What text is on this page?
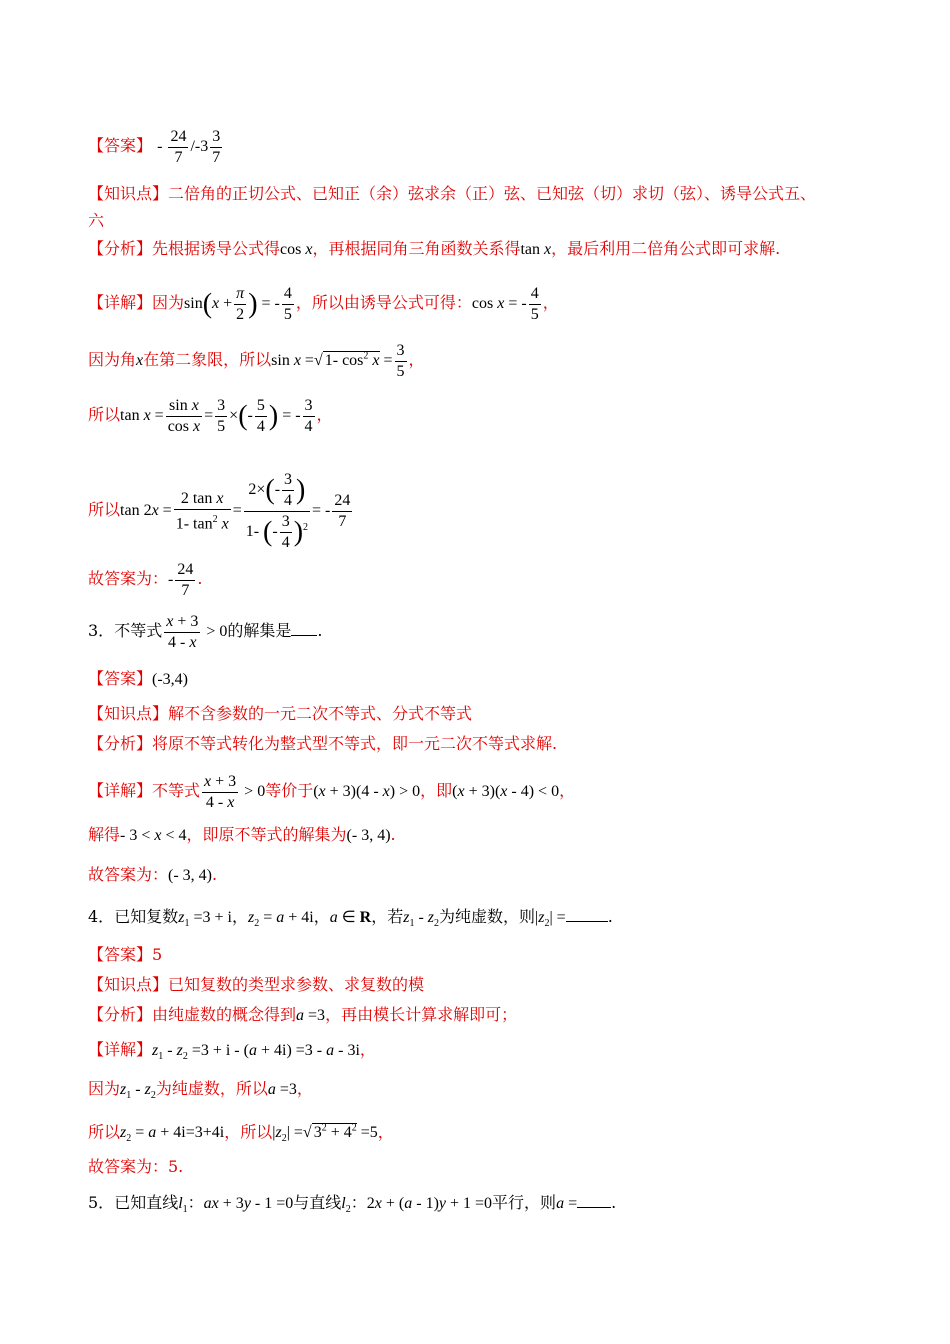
【答案】 - $\frac{24}{7} /-3 \frac{3}{7}$
【知识点】二倍角的正切公式、已知正（余）弦求余（正）弦、已知弦（切）求切（弦）、诱导公式五、
六
【分析】先根据诱导公式得cos x，再根据同角三角函数关系得tan x，最后利用二倍角公式即可求解.
【详解】因为$\sin(x + \frac{\pi}{2}$ ) = - $\frac{4}{5}$ ，所以由诱导公式可得：cos x = - $\frac{4}{5}$ ，
因为角x在第二象限，所以sin x =√ 1- $\cos^2 x = \frac{3}{5}$ ，
所以$\tan x = \frac{\text{sin x}}{\text{cos x}} = \frac{3}{5}$ ×(- $\frac{5}{4}$ ) = - $\frac{3}{4}$ ，
所以$\tan 2x = \frac{\text{2 tan x}}{1- \tan^2 x} = \frac{2\times(- \frac{3}{4} )}{1- (- \frac{3}{4} )^2}$ = - $\frac{24}{7}$
故答案为：- $\frac{24}{7}$ .
3．不等式 $\frac{x + 3}{4 - x} > 0$的解集是 .
【答案】(-3,4)
【知识点】解不含参数的一元二次不等式、分式不等式
【分析】将原不等式转化为整式型不等式，即一元二次不等式求解.
【详解】不等式 $\frac{x + 3}{4 - x} > 0$等价于(x + 3)(4 - x) > 0，即(x + 3)(x - 4) < 0，
解得- 3 < x < 4，即原不等式的解集为(- 3, 4).
故答案为：(- 3, 4).
4．已知复数$z_1 =3 + i$，$z_2 = a + 4i$，a ∈ R，若$z_1 - z_2$为纯虚数，则$|z_2|$ =	.
【答案】5
【知识点】已知复数的类型求参数、求复数的模
【分析】由纯虚数的概念得到a =3，再由模长计算求解即可；
【详解】$z_1 - z_2 =3 + i - (a + 4i) =3 - a - 3i$，
因为$z_1 - z_2$为纯虚数，所以a =3，
所以$z_2 = a + 4i=3+4i$，所以$|z_2|$ =√ $3^2 + 4^2 =5$，
故答案为：5.
5．已知直线$l_1$：ax + 3y - 1 =0与直线$l_2$：2x + (a - 1)y + 1 =0平行，则a = .
